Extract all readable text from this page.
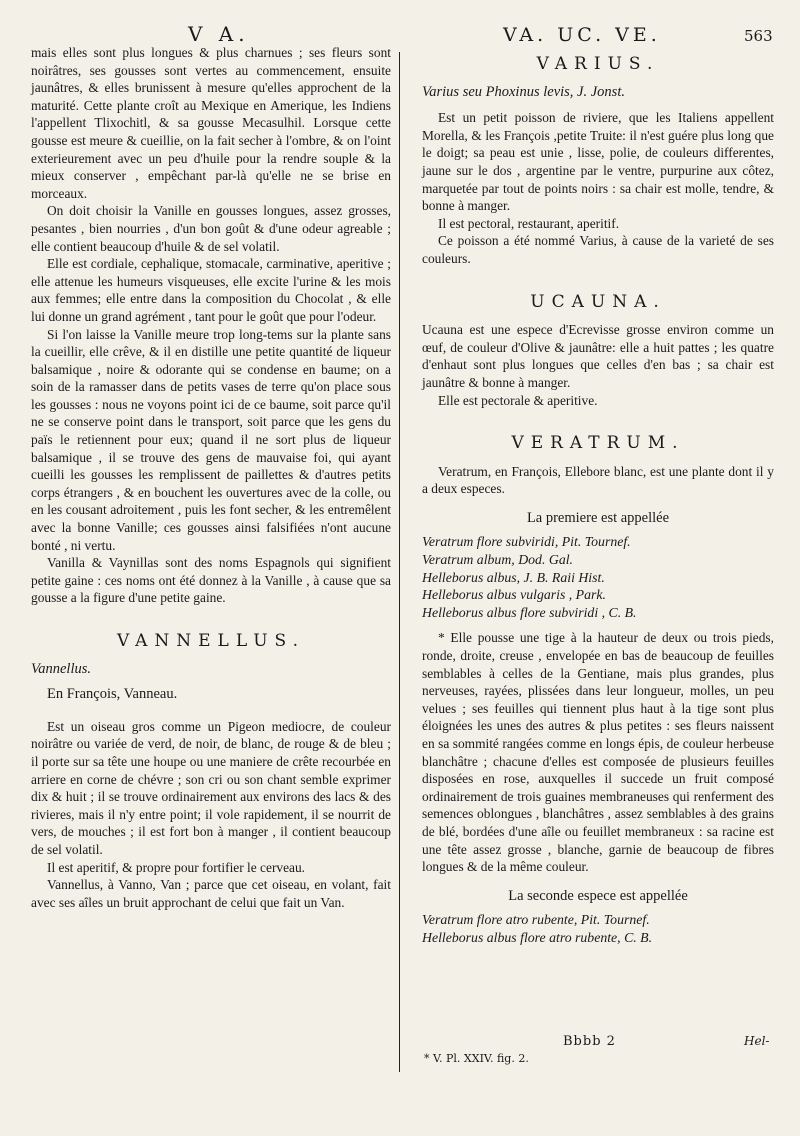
V A.	VA. UC. VE.	563

mais elles sont plus longues & plus charnues ; ses fleurs sont noirâtres, ses gousses sont vertes au commencement, ensuite jaunâtres, & elles brunissent à mesure qu'elles approchent de la maturité. Cette plante croît au Mexique en Amerique, les Indiens l'appellent Tlixochitl, & sa gousse Mecasulhil. Lorsque cette gousse est meure & cueillie, on la fait secher à l'ombre, & on l'oint exterieurement avec un peu d'huile pour la rendre souple & la mieux conserver , empêchant par-là qu'elle ne se brise en morceaux.

On doit choisir la Vanille en gousses longues, assez grosses, pesantes , bien nourries , d'un bon goût & d'une odeur agreable ; elle contient beaucoup d'huile & de sel volatil.

Elle est cordiale, cephalique, stomacale, carminative, aperitive ; elle attenue les humeurs visqueuses, elle excite l'urine & les mois aux femmes; elle entre dans la composition du Chocolat , & elle lui donne un grand agrément , tant pour le goût que pour l'odeur.

Si l'on laisse la Vanille meure trop long-tems sur la plante sans la cueillir, elle crêve, & il en distille une petite quantité de liqueur balsamique , noire & odorante qui se condense en baume; on a soin de la ramasser dans de petits vases de terre qu'on place sous les gousses : nous ne voyons point ici de ce baume, soit parce qu'il ne se conserve point dans le transport, soit parce que les gens du païs le retiennent pour eux; quand il ne sort plus de liqueur balsamique , il se trouve des gens de mauvaise foi, qui ayant cueilli les gousses les remplissent de paillettes & d'autres petits corps étrangers , & en bouchent les ouvertures avec de la colle, ou en les cousant adroitement , puis les font secher, & les entremêlent avec la bonne Vanille; ces gousses ainsi falsifiées n'ont aucune bonté , ni vertu.

Vanilla & Vaynillas sont des noms Espagnols qui signifient petite gaine : ces noms ont été donnez à la Vanille , à cause que sa gousse a la figure d'une petite gaine.

VANNELLUS.

Vannellus.

En François, Vanneau.

Est un oiseau gros comme un Pigeon mediocre, de couleur noirâtre ou variée de verd, de noir, de blanc, de rouge & de bleu ; il porte sur sa tête une houpe ou une maniere de crête recourbée en arriere en corne de chévre ; son cri ou son chant semble exprimer dix & huit ; il se trouve ordinairement aux environs des lacs & des rivieres, mais il n'y entre point; il vole rapidement, il se nourrit de vers, de mouches ; il est fort bon à manger , il contient beaucoup de sel volatil.

Il est aperitif, & propre pour fortifier le cerveau.

Vannellus, à Vanno, Van ; parce que cet oiseau, en volant, fait avec ses aîles un bruit approchant de celui que fait un Van.

VARIUS.

Varius seu Phoxinus levis, J. Jonst.

Est un petit poisson de riviere, que les Italiens appellent Morella, & les François ,petite Truite: il n'est guére plus long que le doigt; sa peau est unie , lisse, polie, de couleurs differentes, jaune sur le dos , argentine par le ventre, purpurine aux côtez, marquetée par tout de points noirs : sa chair est molle, tendre, & bonne à manger.

Il est pectoral, restaurant, aperitif.

Ce poisson a été nommé Varius, à cause de la varieté de ses couleurs.

UCAUNA.

Ucauna est une espece d'Ecrevisse grosse environ comme un œuf, de couleur d'Olive & jaunâtre: elle a huit pattes ; les quatre d'enhaut sont plus longues que celles d'en bas ; sa chair est jaunâtre & bonne à manger.

Elle est pectorale & aperitive.

VERATRUM.

Veratrum, en François, Ellebore blanc, est une plante dont il y a deux especes.

La premiere est appellée

Veratrum flore subviridi, Pit. Tournef.

Veratrum album, Dod. Gal.

Helleborus albus, J. B. Raii Hist.

Helleborus albus vulgaris , Park.

Helleborus albus flore subviridi , C. B.

* Elle pousse une tige à la hauteur de deux ou trois pieds, ronde, droite, creuse , envelopée en bas de beaucoup de feuilles semblables à celles de la Gentiane, mais plus grandes, plus nerveuses, rayées, plissées dans leur longueur, molles, un peu velues ; ses feuilles qui tiennent plus haut à la tige sont plus éloignées les unes des autres & plus petites : ses fleurs naissent en sa sommité rangées comme en longs épis, de couleur herbeuse blanchâtre ; chacune d'elles est composée de plusieurs feuilles disposées en rose, auxquelles il succede un fruit composé ordinairement de trois guaines membraneuses qui renferment des semences oblongues , blanchâtres , assez semblables à des grains de blé, bordées d'une aîle ou feuillet membraneux : sa racine est une tête assez grosse , blanche, garnie de beaucoup de fibres longues & de la même couleur.

La seconde espece est appellée

Veratrum flore atro rubente, Pit. Tournef.

Helleborus albus flore atro rubente, C. B.

Bbbb 2	Hel-
* V. Pl. XXIV. fig. 2.
